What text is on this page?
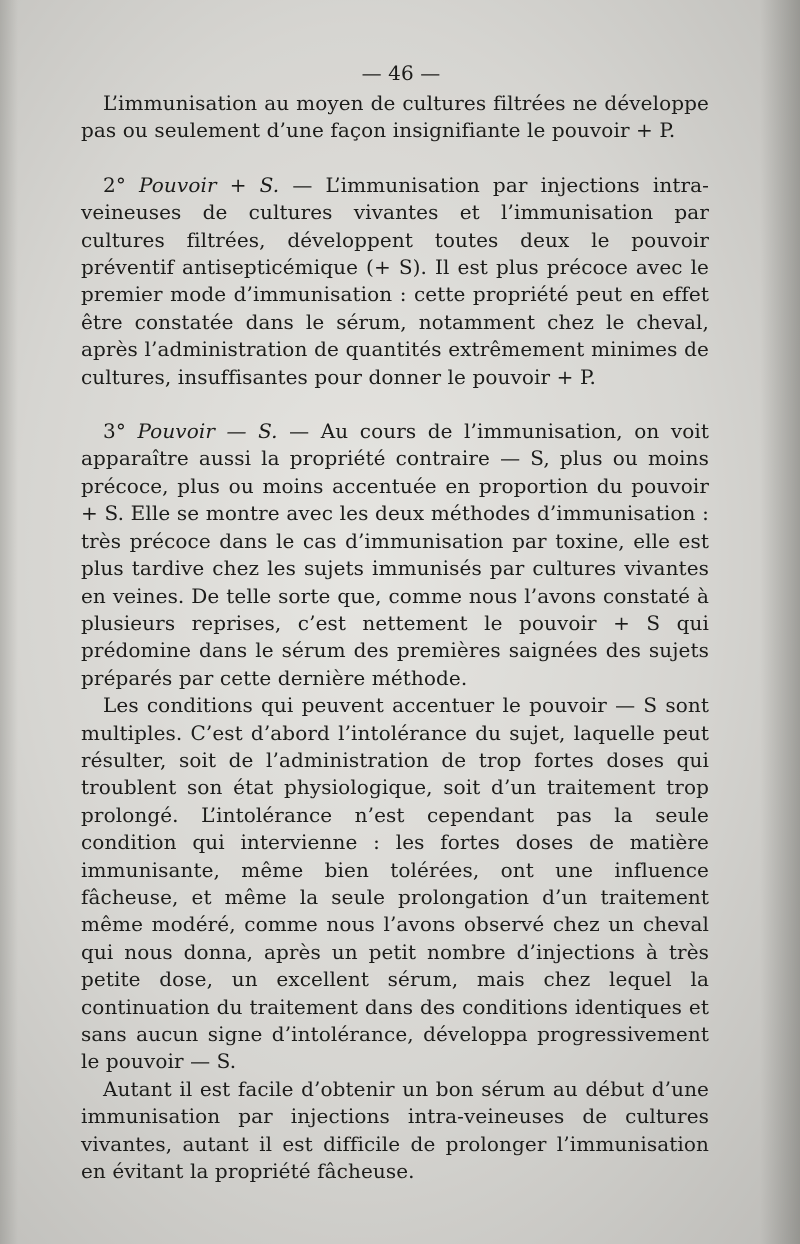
— 46 —

L’immunisation au moyen de cultures filtrées ne développe pas ou seulement d’une façon insignifiante le pouvoir + P.

2° Pouvoir + S. — L’immunisation par injections intra-veineuses de cultures vivantes et l’immunisation par cultures filtrées, développent toutes deux le pouvoir préventif antisepticémique (+ S). Il est plus précoce avec le premier mode d’immunisation : cette propriété peut en effet être constatée dans le sérum, notamment chez le cheval, après l’administration de quantités extrêmement minimes de cultures, insuffisantes pour donner le pouvoir + P.

3° Pouvoir — S. — Au cours de l’immunisation, on voit apparaître aussi la propriété contraire — S, plus ou moins précoce, plus ou moins accentuée en proportion du pouvoir + S. Elle se montre avec les deux méthodes d’immunisation : très précoce dans le cas d’immunisation par toxine, elle est plus tardive chez les sujets immunisés par cultures vivantes en veines. De telle sorte que, comme nous l’avons constaté à plusieurs reprises, c’est nettement le pouvoir + S qui prédomine dans le sérum des premières saignées des sujets préparés par cette dernière méthode.

Les conditions qui peuvent accentuer le pouvoir — S sont multiples. C’est d’abord l’intolérance du sujet, laquelle peut résulter, soit de l’administration de trop fortes doses qui troublent son état physiologique, soit d’un traitement trop prolongé. L’intolérance n’est cependant pas la seule condition qui intervienne : les fortes doses de matière immunisante, même bien tolérées, ont une influence fâcheuse, et même la seule prolongation d’un traitement même modéré, comme nous l’avons observé chez un cheval qui nous donna, après un petit nombre d’injections à très petite dose, un excellent sérum, mais chez lequel la continuation du traitement dans des conditions identiques et sans aucun signe d’intolérance, développa progressivement le pouvoir — S.

Autant il est facile d’obtenir un bon sérum au début d’une immunisation par injections intra-veineuses de cultures vivantes, autant il est difficile de prolonger l’immunisation en évitant la propriété fâcheuse.
